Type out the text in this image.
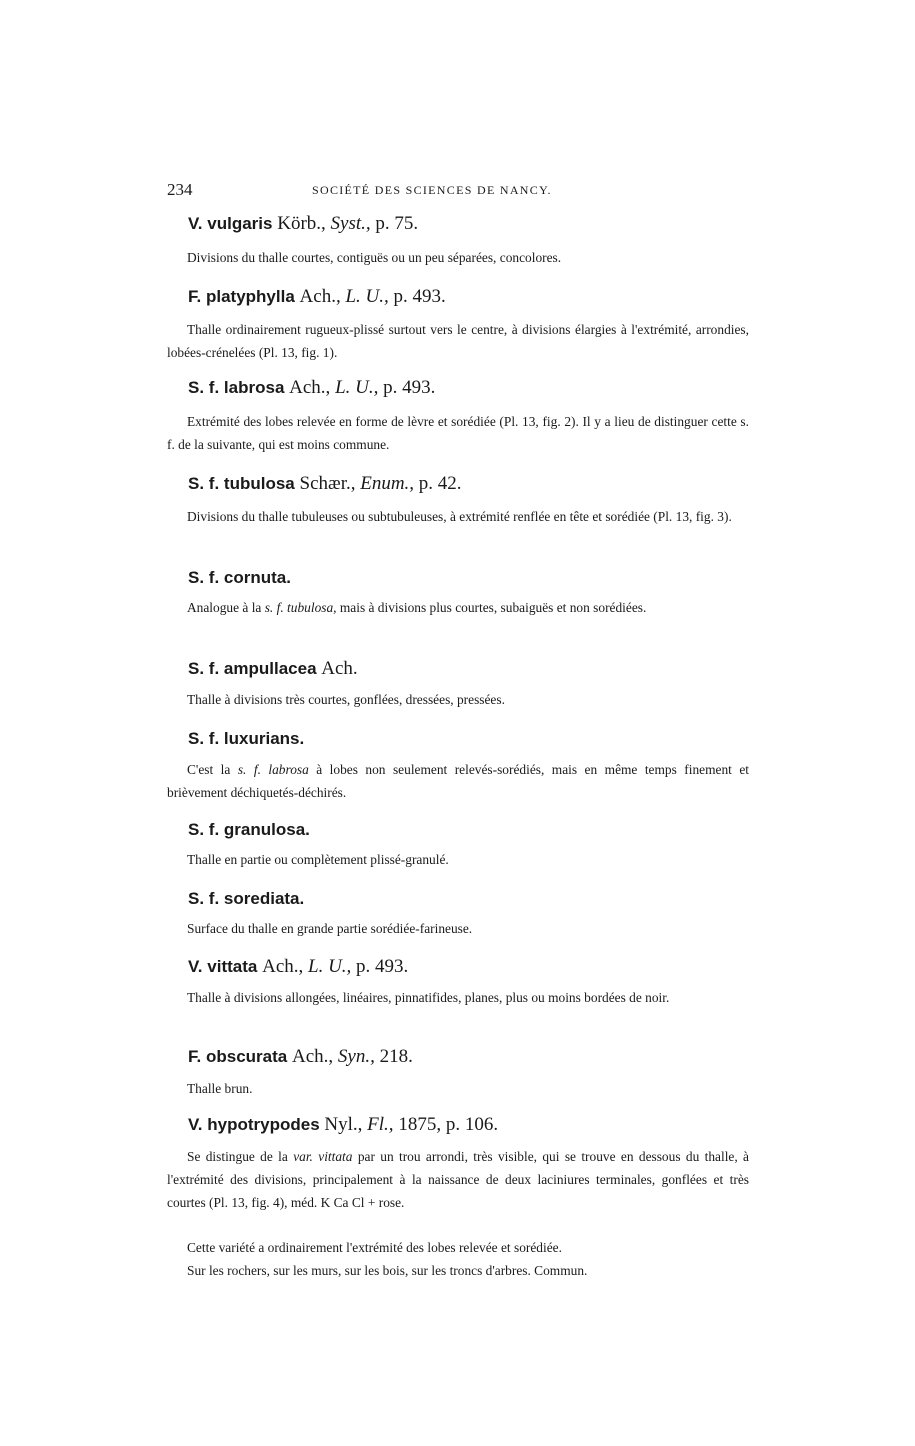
234	SOCIÉTÉ DES SCIENCES DE NANCY.
V. vulgaris Körb., Syst., p. 75.

Divisions du thalle courtes, contiguës ou un peu séparées, concolores.

F. platyphylla Ach., L. U., p. 493.

Thalle ordinairement rugueux-plissé surtout vers le centre, à divisions élargies à l'extrémité, arrondies, lobées-crénelées (Pl. 13, fig. 1).

S. f. labrosa Ach., L. U., p. 493.

Extrémité des lobes relevée en forme de lèvre et sorédiée (Pl. 13, fig. 2). Il y a lieu de distinguer cette s. f. de la suivante, qui est moins commune.

S. f. tubulosa Schær., Enum., p. 42.

Divisions du thalle tubuleuses ou subtubuleuses, à extrémité renflée en tête et sorédiée (Pl. 13, fig. 3).

S. f. cornuta.

Analogue à la s. f. tubulosa, mais à divisions plus courtes, subaiguës et non sorédiées.

S. f. ampullacea Ach.

Thalle à divisions très courtes, gonflées, dressées, pressées.

S. f. luxurians.

C'est la s. f. labrosa à lobes non seulement relevés-sorédiés, mais en même temps finement et brièvement déchiquetés-déchirés.

S. f. granulosa.

Thalle en partie ou complètement plissé-granulé.

S. f. sorediata.

Surface du thalle en grande partie sorédiée-farineuse.

V. vittata Ach., L. U., p. 493.

Thalle à divisions allongées, linéaires, pinnatifides, planes, plus ou moins bordées de noir.

F. obscurata Ach., Syn., 218.

Thalle brun.

V. hypotrypodes Nyl., Fl., 1875, p. 106.

Se distingue de la var. vittata par un trou arrondi, très visible, qui se trouve en dessous du thalle, à l'extrémité des divisions, principalement à la naissance de deux laciniures terminales, gonflées et très courtes (Pl. 13, fig. 4), méd. K Ca Cl + rose.

Cette variété a ordinairement l'extrémité des lobes relevée et sorédiée.

Sur les rochers, sur les murs, sur les bois, sur les troncs d'arbres. Commun.
